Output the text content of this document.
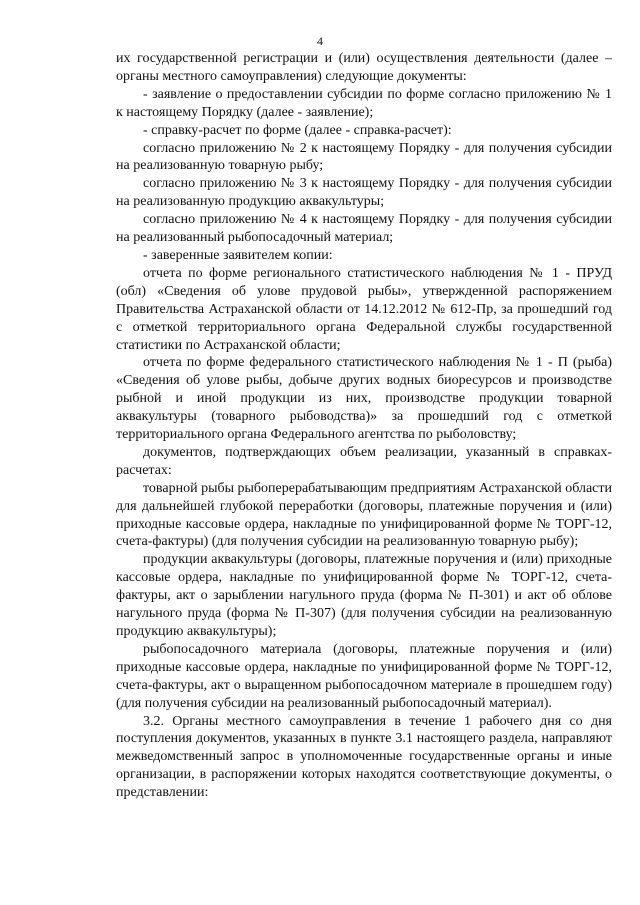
4

их государственной регистрации и (или) осуществления деятельности (далее – органы местного самоуправления) следующие документы:

- заявление о предоставлении субсидии по форме согласно приложению № 1 к настоящему Порядку (далее - заявление);

- справку-расчет по форме (далее - справка-расчет):

согласно приложению № 2 к настоящему Порядку - для получения субсидии на реализованную товарную рыбу;

согласно приложению № 3 к настоящему Порядку - для получения субсидии на реализованную продукцию аквакультуры;

согласно приложению № 4 к настоящему Порядку - для получения субсидии на реализованный рыбопосадочный материал;

- заверенные заявителем копии:

отчета по форме регионального статистического наблюдения № 1 - ПРУД (обл) «Сведения об улове прудовой рыбы», утвержденной распоряжением Правительства Астраханской области от 14.12.2012 № 612-Пр, за прошедший год с отметкой территориального органа Федеральной службы государственной статистики по Астраханской области;

отчета по форме федерального статистического наблюдения № 1 - П (рыба) «Сведения об улове рыбы, добыче других водных биоресурсов и производстве рыбной и иной продукции из них, производстве продукции товарной аквакультуры (товарного рыбоводства)» за прошедший год с отметкой территориального органа Федерального агентства по рыболовству;

документов, подтверждающих объем реализации, указанный в справках-расчетах:

товарной рыбы рыбоперерабатывающим предприятиям Астраханской области для дальнейшей глубокой переработки (договоры, платежные поручения и (или) приходные кассовые ордера, накладные по унифицированной форме № ТОРГ-12, счета-фактуры) (для получения субсидии на реализованную товарную рыбу);

продукции аквакультуры (договоры, платежные поручения и (или) приходные кассовые ордера, накладные по унифицированной форме № ТОРГ-12, счета-фактуры, акт о зарыблении нагульного пруда (форма № П-301) и акт об облове нагульного пруда (форма № П-307) (для получения субсидии на реализованную продукцию аквакультуры);

рыбопосадочного материала (договоры, платежные поручения и (или) приходные кассовые ордера, накладные по унифицированной форме № ТОРГ-12, счета-фактуры, акт о выращенном рыбопосадочном материале в прошедшем году) (для получения субсидии на реализованный рыбопосадочный материал).

3.2. Органы местного самоуправления в течение 1 рабочего дня со дня поступления документов, указанных в пункте 3.1 настоящего раздела, направляют межведомственный запрос в уполномоченные государственные органы и иные организации, в распоряжении которых находятся соответствующие документы, о представлении:
